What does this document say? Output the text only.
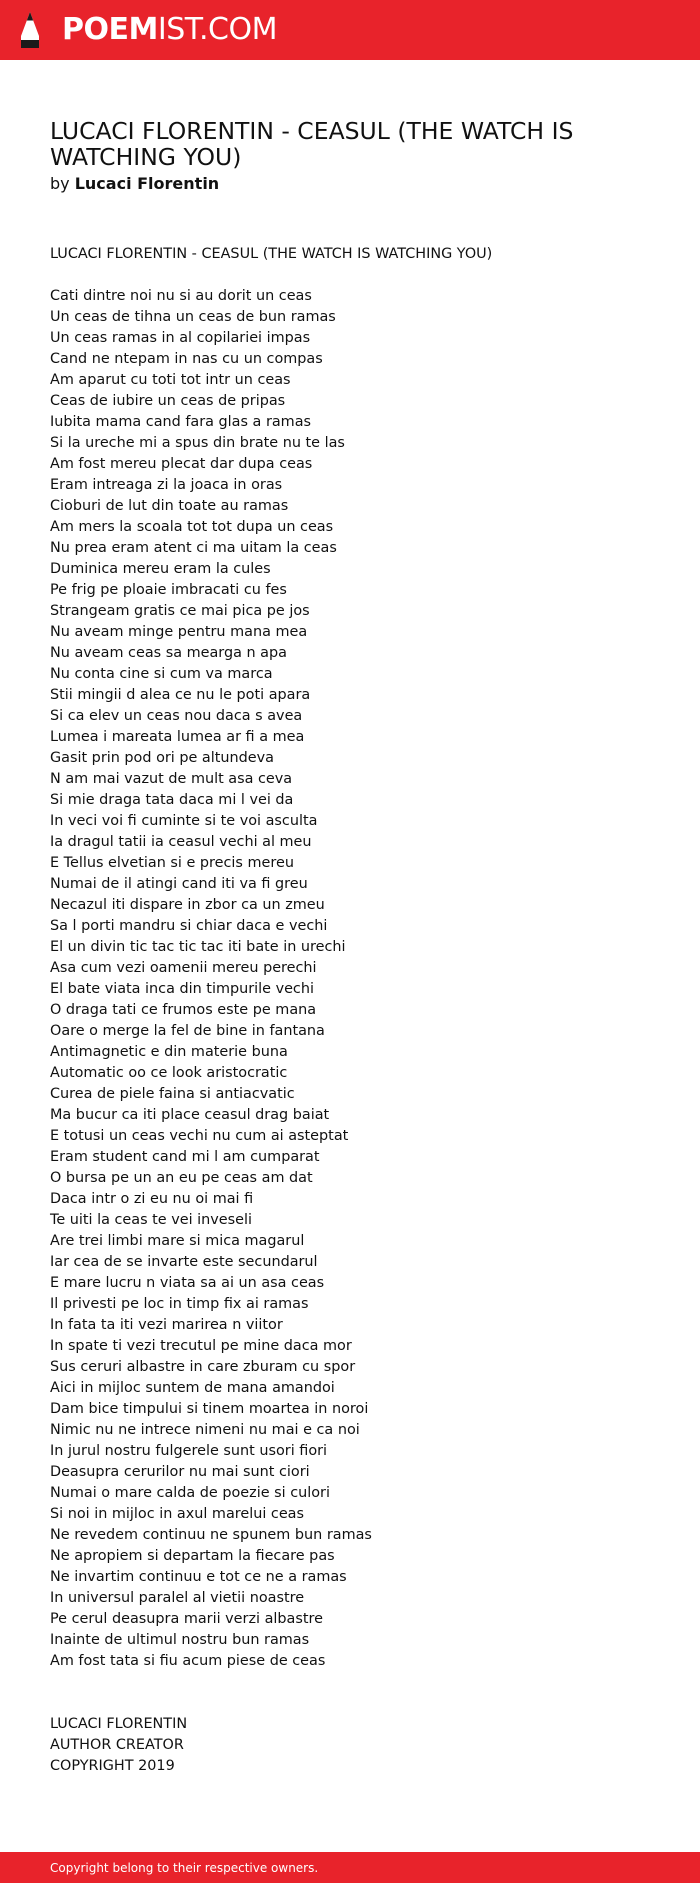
POEMIST.COM
LUCACI FLORENTIN - CEASUL (THE WATCH IS WATCHING YOU)
by Lucaci Florentin
LUCACI FLORENTIN - CEASUL (THE WATCH IS WATCHING YOU)
Cati dintre noi nu si au dorit un ceas
Un ceas de tihna un ceas de bun ramas
Un ceas ramas in al copilariei impas
Cand ne ntepam in nas cu un compas
Am aparut cu toti tot intr un ceas
Ceas de iubire un ceas de pripas
Iubita mama cand fara glas a ramas
Si la ureche mi a spus din brate nu te las
Am fost mereu plecat dar dupa ceas
Eram intreaga zi la joaca in oras
Cioburi de lut din toate au ramas
Am mers la scoala tot tot dupa un ceas
Nu prea eram atent ci ma uitam la ceas
Duminica mereu eram la cules
Pe frig pe ploaie imbracati cu fes
Strangeam gratis ce mai pica pe jos
Nu aveam minge pentru mana mea
Nu aveam ceas sa mearga n apa
Nu conta cine si cum va marca
Stii mingii d alea ce nu le poti apara
Si ca elev un ceas nou daca s avea
Lumea i mareata lumea ar fi a mea
Gasit prin pod ori pe altundeva
N am mai vazut de mult asa ceva
Si mie draga tata daca mi l vei da
In veci voi fi cuminte si te voi asculta
Ia dragul tatii ia ceasul vechi al meu
E Tellus elvetian si e precis mereu
Numai de il atingi cand iti va fi greu
Necazul iti dispare in zbor ca un zmeu
Sa l porti mandru si chiar daca e vechi
El un divin tic tac tic tac iti bate in urechi
Asa cum vezi oamenii mereu perechi
El bate viata inca din timpurile vechi
O draga tati ce frumos este pe mana
Oare o merge la fel de bine in fantana
Antimagnetic e din materie buna
Automatic oo ce look aristocratic
Curea de piele faina si antiacvatic
Ma bucur ca iti place ceasul drag baiat
E totusi un ceas vechi nu cum ai asteptat
Eram student cand mi l am cumparat
O bursa pe un an eu pe ceas am dat
Daca intr o zi eu nu oi mai fi
Te uiti la ceas te vei inveseli
Are trei limbi mare si mica magarul
Iar cea de se invarte este secundarul
E mare lucru n viata sa ai un asa ceas
Il privesti pe loc in timp fix ai ramas
In fata ta iti vezi marirea n viitor
In spate ti vezi trecutul pe mine daca mor
Sus ceruri albastre in care zburam cu spor
Aici in mijloc suntem de mana amandoi
Dam bice timpului si tinem moartea in noroi
Nimic nu ne intrece nimeni nu mai e ca noi
In jurul nostru fulgerele sunt usori fiori
Deasupra cerurilor nu mai sunt ciori
Numai o mare calda de poezie si culori
Si noi in mijloc in axul marelui ceas
Ne revedem continuu ne spunem bun ramas
Ne apropiem si departam la fiecare pas
Ne invartim continuu e tot ce ne a ramas
In universul paralel al vietii noastre
Pe cerul deasupra marii verzi albastre
Inainte de ultimul nostru bun ramas
Am fost tata si fiu acum piese de ceas
LUCACI FLORENTIN
AUTHOR CREATOR
COPYRIGHT 2019
Copyright belong to their respective owners.
